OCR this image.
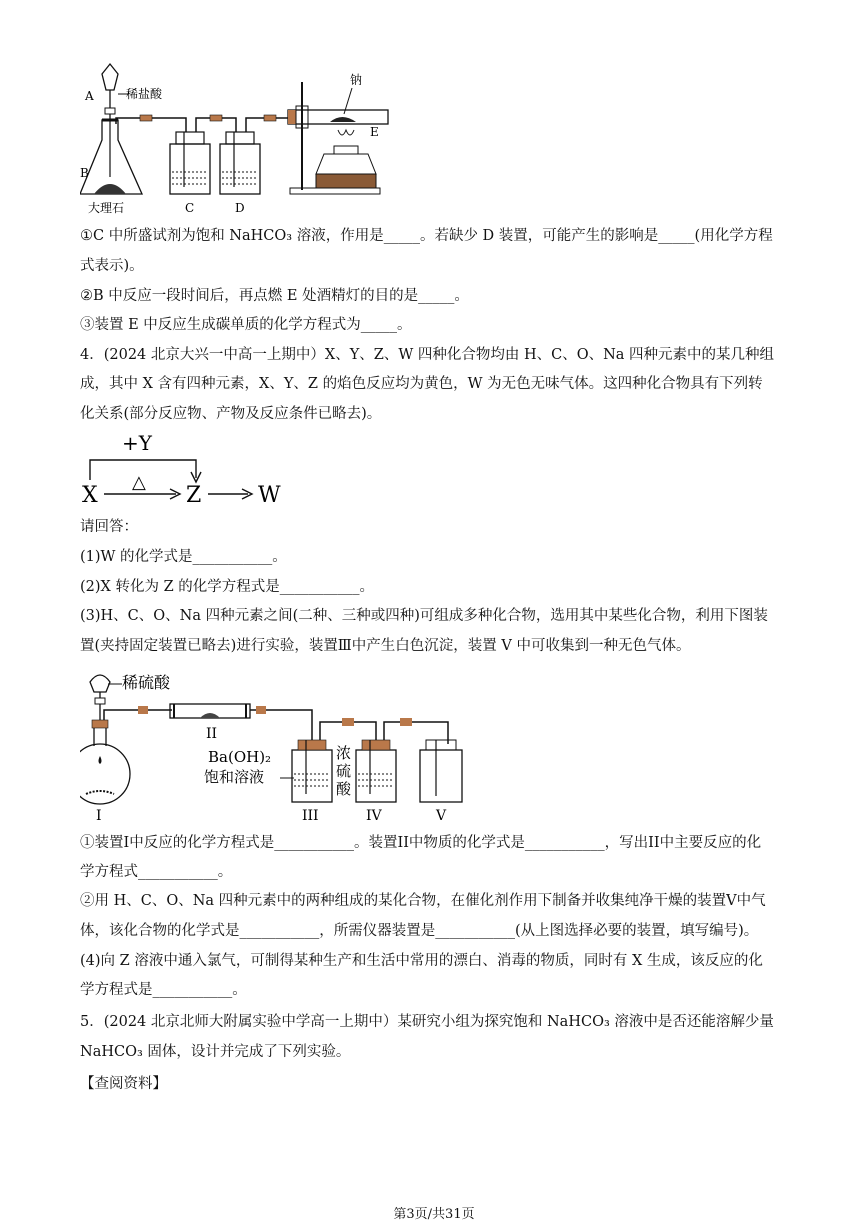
A	稀盐酸
B
大理石	C	D
钠
E
①C 中所盛试剂为饱和 NaHCO₃ 溶液，作用是_____。若缺少 D 装置，可能产生的影响是_____(用化学方程
式表示)。
②B 中反应一段时间后，再点燃 E 处酒精灯的目的是_____。
③装置 E 中反应生成碳单质的化学方程式为_____。
4．(2024 北京大兴一中高一上期中）X、Y、Z、W 四种化合物均由 H、C、O、Na 四种元素中的某几种组
成，其中 X 含有四种元素，X、Y、Z 的焰色反应均为黄色，W 为无色无味气体。这四种化合物具有下列转
化关系(部分反应物、产物及反应条件已略去)。
+Y
X
△
Z	W
请回答：
(1)W 的化学式是___________。
(2)X 转化为 Z 的化学方程式是___________。
(3)H、C、O、Na 四种元素之间(二种、三种或四种)可组成多种化合物，选用其中某些化合物，利用下图装
置(夹持固定装置已略去)进行实验，装置Ⅲ中产生白色沉淀，装置 V 中可收集到一种无色气体。
稀硫酸
I
II
III
Ba(OH)₂
饱和溶液
浓
硫
酸
IV	V
①装置I中反应的化学方程式是___________。装置II中物质的化学式是___________，写出II中主要反应的化
学方程式___________。
②用 H、C、O、Na 四种元素中的两种组成的某化合物，在催化剂作用下制备并收集纯净干燥的装置V中气
体，该化合物的化学式是___________，所需仪器装置是___________(从上图选择必要的装置，填写编号)。
(4)向 Z 溶液中通入氯气，可制得某种生产和生活中常用的漂白、消毒的物质，同时有 X 生成，该反应的化
学方程式是___________。
5．(2024 北京北师大附属实验中学高一上期中）某研究小组为探究饱和 NaHCO₃ 溶液中是否还能溶解少量
NaHCO₃ 固体，设计并完成了下列实验。
【查阅资料】
第3页/共31页
